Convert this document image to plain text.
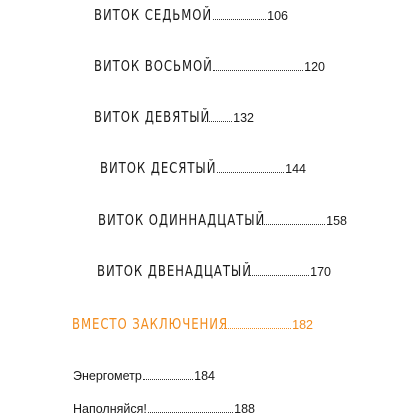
ВИТОК СЕДЬМОЙ	106
ВИТОК ВОСЬМОЙ	120
ВИТОК ДЕВЯТЫЙ 132
ВИТОК ДЕСЯТЫЙ	144
ВИТОК ОДИННАДЦАТЫЙ	158
ВИТОК ДВЕНАДЦАТЫЙ	170
ВМЕСТО ЗАКЛЮЧЕНИЯ	182
Энергометр	184
Наполняйся!	188
